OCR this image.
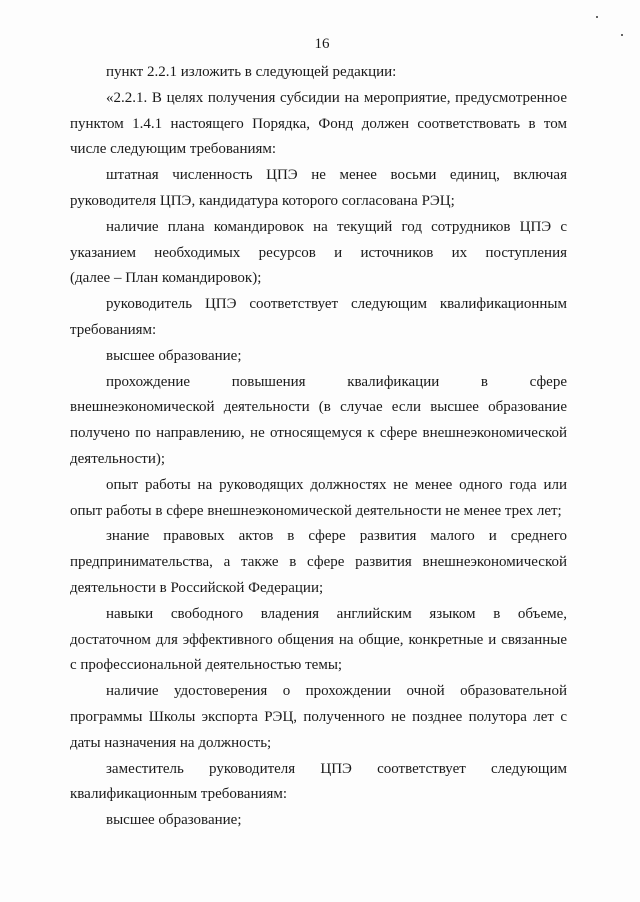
16
пункт 2.2.1 изложить в следующей редакции:
«2.2.1. В целях получения субсидии на мероприятие, предусмотренное
пунктом 1.4.1 настоящего Порядка, Фонд должен соответствовать в том
числе следующим требованиям:
штатная численность ЦПЭ не менее восьми единиц, включая
руководителя ЦПЭ, кандидатура которого согласована РЭЦ;
наличие плана командировок на текущий год сотрудников ЦПЭ с
указанием необходимых ресурсов и источников их поступления
(далее – План командировок);
руководитель ЦПЭ соответствует следующим квалификационным
требованиям:
высшее образование;
прохождение повышения квалификации в сфере
внешнеэкономической деятельности (в случае если высшее образование
получено по направлению, не относящемуся к сфере внешнеэкономической
деятельности);
опыт работы на руководящих должностях не менее одного года или
опыт работы в сфере внешнеэкономической деятельности не менее трех лет;
знание правовых актов в сфере развития малого и среднего
предпринимательства, а также в сфере развития внешнеэкономической
деятельности в Российской Федерации;
навыки свободного владения английским языком в объеме,
достаточном для эффективного общения на общие, конкретные и связанные
с профессиональной деятельностью темы;
наличие удостоверения о прохождении очной образовательной
программы Школы экспорта РЭЦ, полученного не позднее полутора лет с
даты назначения на должность;
заместитель руководителя ЦПЭ соответствует следующим
квалификационным требованиям:
высшее образование;
